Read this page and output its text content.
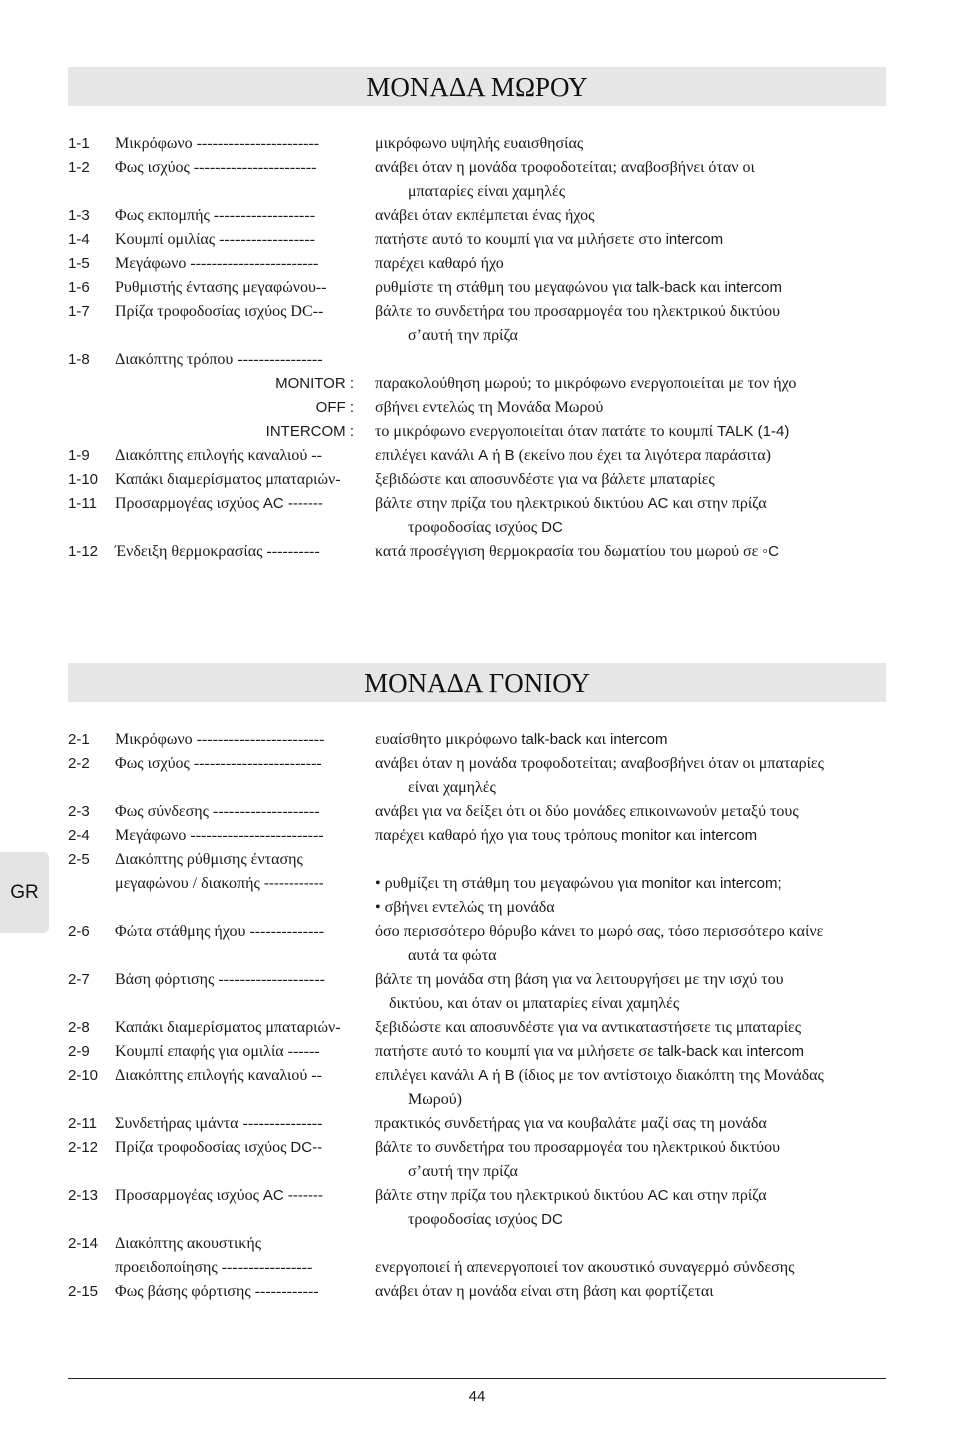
ΜΟΝΑΔΑ ΜΩΡΟΥ
1-1 Μικρόφωνο -----------------------	μικρόφωνο υψηλής ευαισθησίας
1-2 Φως ισχύος -----------------------	ανάβει όταν η μονάδα τροφοδοτείται; αναβοσβήνει όταν οι
μπαταρίες είναι χαμηλές
1-3 Φως εκπομπής -------------------	ανάβει όταν εκπέμπεται ένας ήχος
1-4 Κουμπί ομιλίας ------------------	πατήστε αυτό το κουμπί για να μιλήσετε στο intercom
1-5 Μεγάφωνο ------------------------	παρέχει καθαρό ήχο
1-6 Ρυθμιστής έντασης μεγαφώνου--	ρυθμίστε τη στάθμη του μεγαφώνου για talk-back και intercom
1-7 Πρίζα τροφοδοσίας ισχύος DC--	βάλτε το συνδετήρα του προσαρμογέα του ηλεκτρικού δικτύου
σ’αυτή την πρίζα
1-8 Διακόπτης τρόπου ----------------
MONITOR : παρακολούθηση μωρού; το μικρόφωνο ενεργοποιείται με τον ήχο
OFF : σβήνει εντελώς τη Μονάδα Μωρού
INTERCOM : το μικρόφωνο ενεργοποιείται όταν πατάτε το κουμπί TALK (1-4)
1-9 Διακόπτης επιλογής καναλιού --	επιλέγει κανάλι A ή B (εκείνο που έχει τα λιγότερα παράσιτα)
1-10 Καπάκι διαμερίσματος μπαταριών- ξεβιδώστε και αποσυνδέστε για να βάλετε μπαταρίες
1-11 Προσαρμογέας ισχύος AC -------	βάλτε στην πρίζα του ηλεκτρικού δικτύου AC και στην πρίζα
τροφοδοσίας ισχύος DC
1-12 Ένδειξη θερμοκρασίας ----------	κατά προσέγγιση θερμοκρασία του δωματίου του μωρού σε ◦C
ΜΟΝΑΔΑ ΓΟΝΙΟΥ
2-1 Μικρόφωνο ------------------------	ευαίσθητο μικρόφωνο talk-back και intercom
2-2 Φως ισχύος ------------------------	ανάβει όταν η μονάδα τροφοδοτείται; αναβοσβήνει όταν οι μπαταρίες
είναι χαμηλές
2-3 Φως σύνδεσης --------------------	ανάβει για να δείξει ότι οι δύο μονάδες επικοινωνούν μεταξύ τους
2-4 Μεγάφωνο -------------------------	παρέχει καθαρό ήχο για τους τρόπους monitor και intercom
2-5 Διακόπτης ρύθμισης έντασης
μεγαφώνου / διακοπής ------------	• ρυθμίζει τη στάθμη του μεγαφώνου για monitor και intercom;
• σβήνει εντελώς τη μονάδα
2-6 Φώτα στάθμης ήχου --------------	όσο περισσότερο θόρυβο κάνει το μωρό σας, τόσο περισσότερο καίνε
αυτά τα φώτα
2-7 Βάση φόρτισης --------------------	βάλτε τη μονάδα στη βάση για να λειτουργήσει με την ισχύ του
δικτύου, και όταν οι μπαταρίες είναι χαμηλές
2-8 Καπάκι διαμερίσματος μπαταριών- ξεβιδώστε και αποσυνδέστε για να αντικαταστήσετε τις μπαταρίες
2-9 Κουμπί επαφής για ομιλία ------	πατήστε αυτό το κουμπί για να μιλήσετε σε talk-back και intercom
2-10 Διακόπτης επιλογής καναλιού --	επιλέγει κανάλι A ή B (ίδιος με τον αντίστοιχο διακόπτη της Μονάδας
Μωρού)
2-11 Συνδετήρας ιμάντα ---------------	πρακτικός συνδετήρας για να κουβαλάτε μαζί σας τη μονάδα
2-12 Πρίζα τροφοδοσίας ισχύος DC--	βάλτε το συνδετήρα του προσαρμογέα του ηλεκτρικού δικτύου
σ’αυτή την πρίζα
2-13 Προσαρμογέας ισχύος AC -------	βάλτε στην πρίζα του ηλεκτρικού δικτύου AC και στην πρίζα
τροφοδοσίας ισχύος DC
2-14 Διακόπτης ακουστικής
προειδοποίησης -----------------	ενεργοποιεί ή απενεργοποιεί τον ακουστικό συναγερμό σύνδεσης
2-15 Φως βάσης φόρτισης ------------	ανάβει όταν η μονάδα είναι στη βάση και φορτίζεται
GR
44
